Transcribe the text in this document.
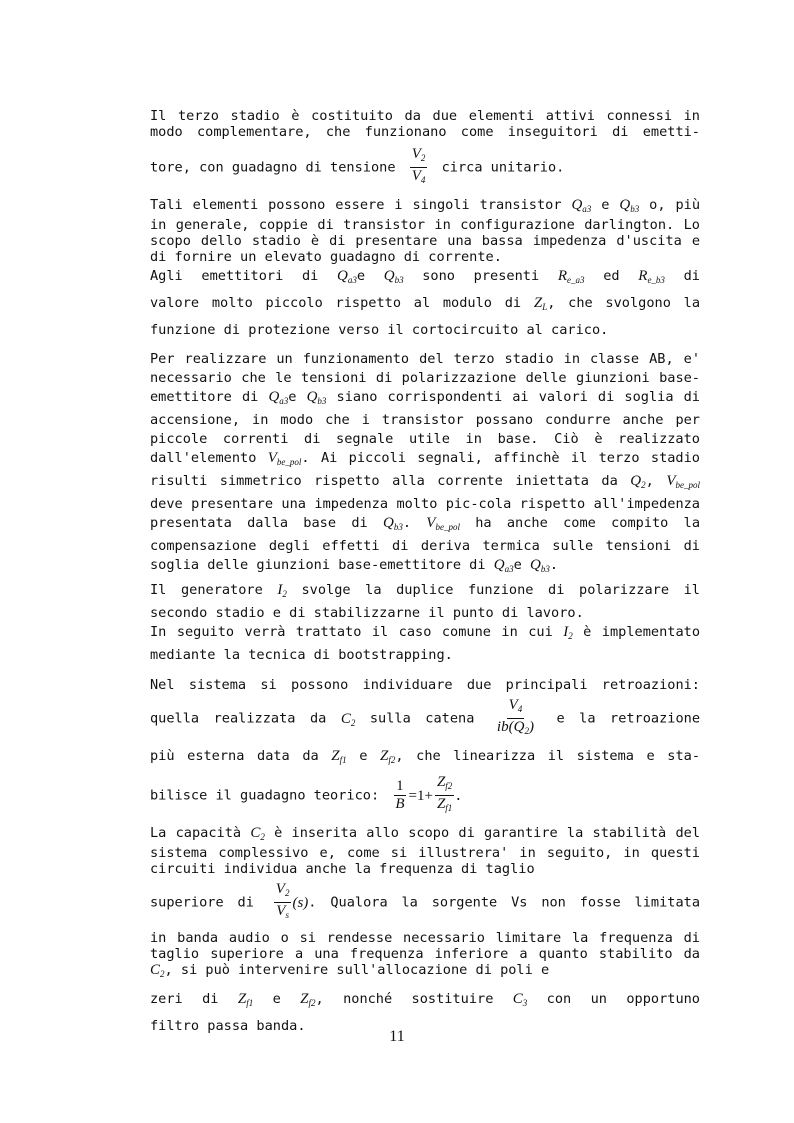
Il terzo stadio è costituito da due elementi attivi connessi in
modo complementare, che funzionano come inseguitori di emetti-
tore, con guadagno di tensione $\frac{V_2}{V_4}$ circa unitario.

Tali elementi possono essere i singoli transistor $Q_{a3}$ e $Q_{b3}$ o, più in generale, coppie di transistor in configurazione darlington. Lo scopo dello stadio è di presentare una bassa impedenza d'uscita e di fornire un elevato guadagno di corrente.

Agli emettitori di $Q_{a3}e$ $Q_{b3}$ sono presenti $R_{e\_a3}$ ed $R_{e\_b3}$ di
valore molto piccolo rispetto al modulo di $Z_L$, che svolgono la
funzione di protezione verso il cortocircuito al carico.

Per realizzare un funzionamento del terzo stadio in classe AB, e' necessario che le tensioni di polarizzazione delle giunzioni base-emettitore di $Q_{a3}e$ $Q_{b3}$ siano corrispondenti ai valori di soglia di accensione, in modo che i transistor possano condurre anche per piccole correnti di segnale utile in base. Ciò è realizzato dall'elemento $V_{be\_pol}$. Ai piccoli segnali, affinchè il terzo stadio risulti simmetrico rispetto alla corrente iniettata da $Q_2$, $V_{be\_pol}$ deve presentare una impedenza molto pic-cola rispetto all'impedenza presentata dalla base di $Q_{b3}$. $V_{be\_pol}$ ha anche come compito la compensazione degli effetti di deriva termica sulle tensioni di soglia delle giunzioni base-emettitore di $Q_{a3}e$ $Q_{b3}$.

Il generatore $I_2$ svolge la duplice funzione di polarizzare il secondo stadio e di stabilizzarne il punto di lavoro.

In seguito verrà trattato il caso comune in cui $I_2$ è implementato mediante la tecnica di bootstrapping.

Nel sistema si possono individuare due principali retroazioni:
quella realizzata da $C_2$ sulla catena $\frac{V_4}{ib(Q_2)}$ e la retroazione
più esterna data da $Z_{f1}$ e $Z_{f2}$, che linearizza il sistema e sta-
bilisce il guadagno teorico: $\frac{1}{B} =1+ \frac{Z_{f2}}{Z_{f1}}$ .

La capacità $C_2$ è inserita allo scopo di garantire la stabilità del sistema complessivo e, come si illustrera' in seguito, in questi circuiti individua anche la frequenza di taglio

superiore di $\frac{V_2}{V_s} (s)$. Qualora la sorgente Vs non fosse limitata

in banda audio o si rendesse necessario limitare la frequenza di taglio superiore a una frequenza inferiore a quanto stabilito da $C_2$, si può intervenire sull'allocazione di poli e

zeri di $Z_{f1}$ e $Z_{f2}$, nonché sostituire $C_3$ con un opportuno
filtro passa banda.

11
